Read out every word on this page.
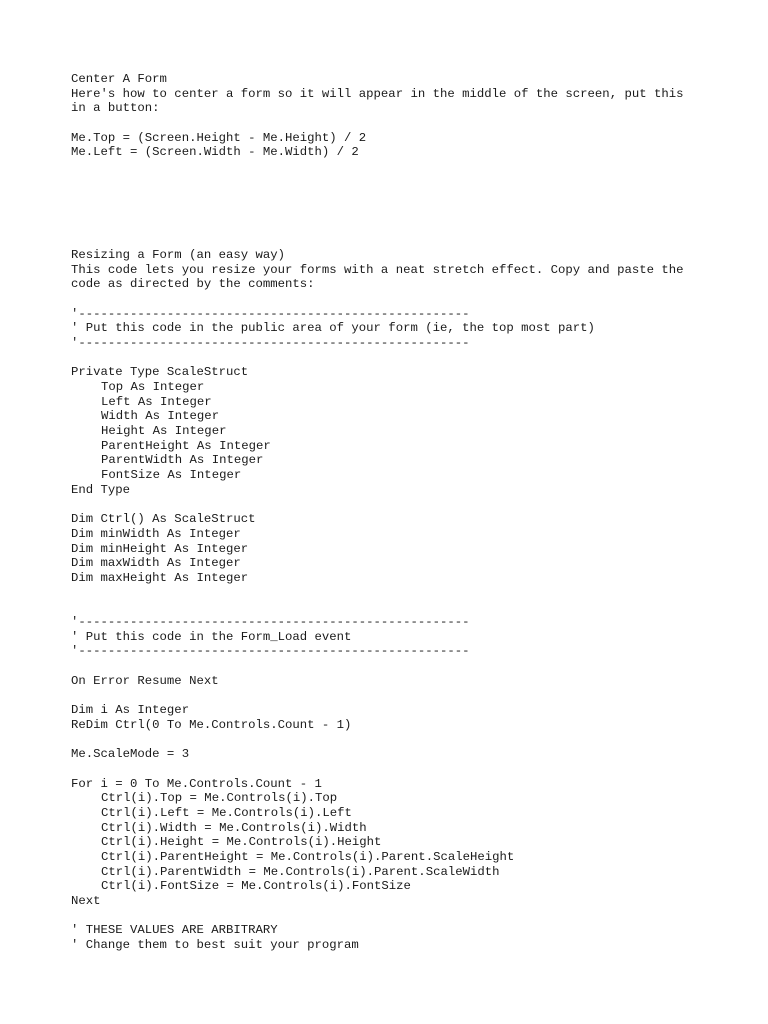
Center A Form
Here's how to center a form so it will appear in the middle of the screen, put this
in a button:
Me.Top = (Screen.Height - Me.Height) / 2
Me.Left = (Screen.Width - Me.Width) / 2
Resizing a Form (an easy way)
This code lets you resize your forms with a neat stretch effect. Copy and paste the
code as directed by the comments:
'-----------------------------------------------------
' Put this code in the public area of your form (ie, the top most part)
'-----------------------------------------------------
Private Type ScaleStruct
Top As Integer
Left As Integer
Width As Integer
Height As Integer
ParentHeight As Integer
ParentWidth As Integer
FontSize As Integer
End Type
Dim Ctrl() As ScaleStruct
Dim minWidth As Integer
Dim minHeight As Integer
Dim maxWidth As Integer
Dim maxHeight As Integer
'-----------------------------------------------------
' Put this code in the Form_Load event
'-----------------------------------------------------
On Error Resume Next
Dim i As Integer
ReDim Ctrl(0 To Me.Controls.Count - 1)
Me.ScaleMode = 3
For i = 0 To Me.Controls.Count - 1
Ctrl(i).Top = Me.Controls(i).Top
Ctrl(i).Left = Me.Controls(i).Left
Ctrl(i).Width = Me.Controls(i).Width
Ctrl(i).Height = Me.Controls(i).Height
Ctrl(i).ParentHeight = Me.Controls(i).Parent.ScaleHeight
Ctrl(i).ParentWidth = Me.Controls(i).Parent.ScaleWidth
Ctrl(i).FontSize = Me.Controls(i).FontSize
Next
' THESE VALUES ARE ARBITRARY
' Change them to best suit your program
